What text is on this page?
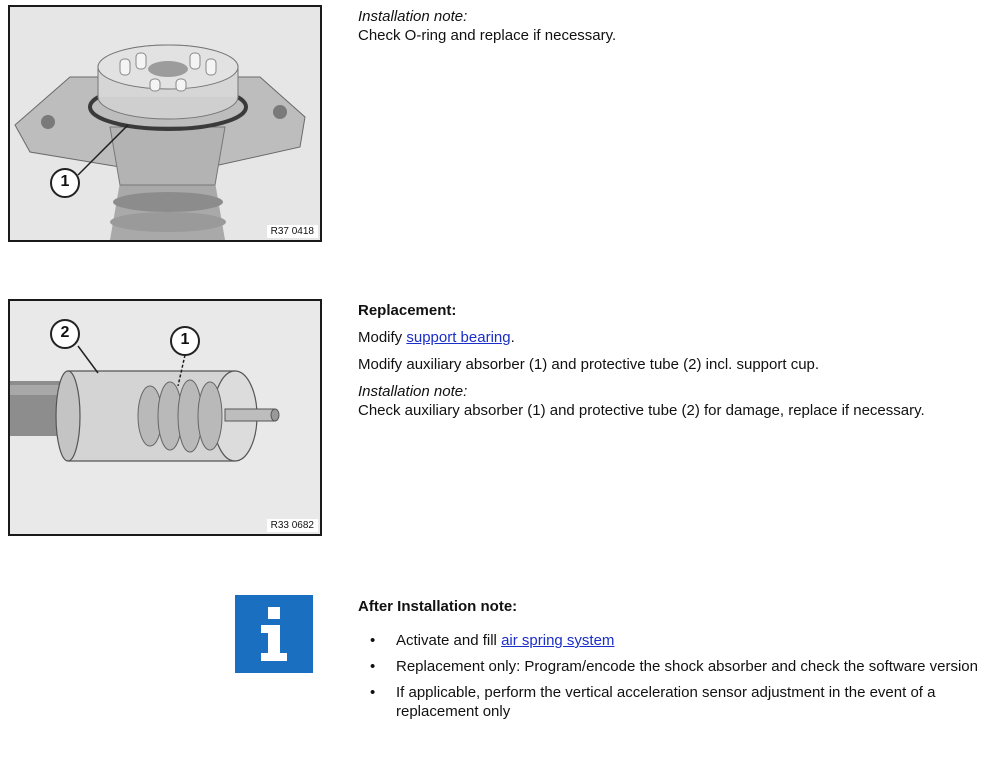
1
R37 0418
Installation note:
Check O-ring and replace if necessary.
2	1
R33 0682
Replacement:
Modify support bearing.
Modify auxiliary absorber (1) and protective tube (2) incl. support cup.
Installation note:
Check auxiliary absorber (1) and protective tube (2) for damage, replace if necessary.
After Installation note:
• Activate and fill air spring system
• Replacement only: Program/encode the shock absorber and check the software version
• If applicable, perform the vertical acceleration sensor adjustment in the event of a replacement only
